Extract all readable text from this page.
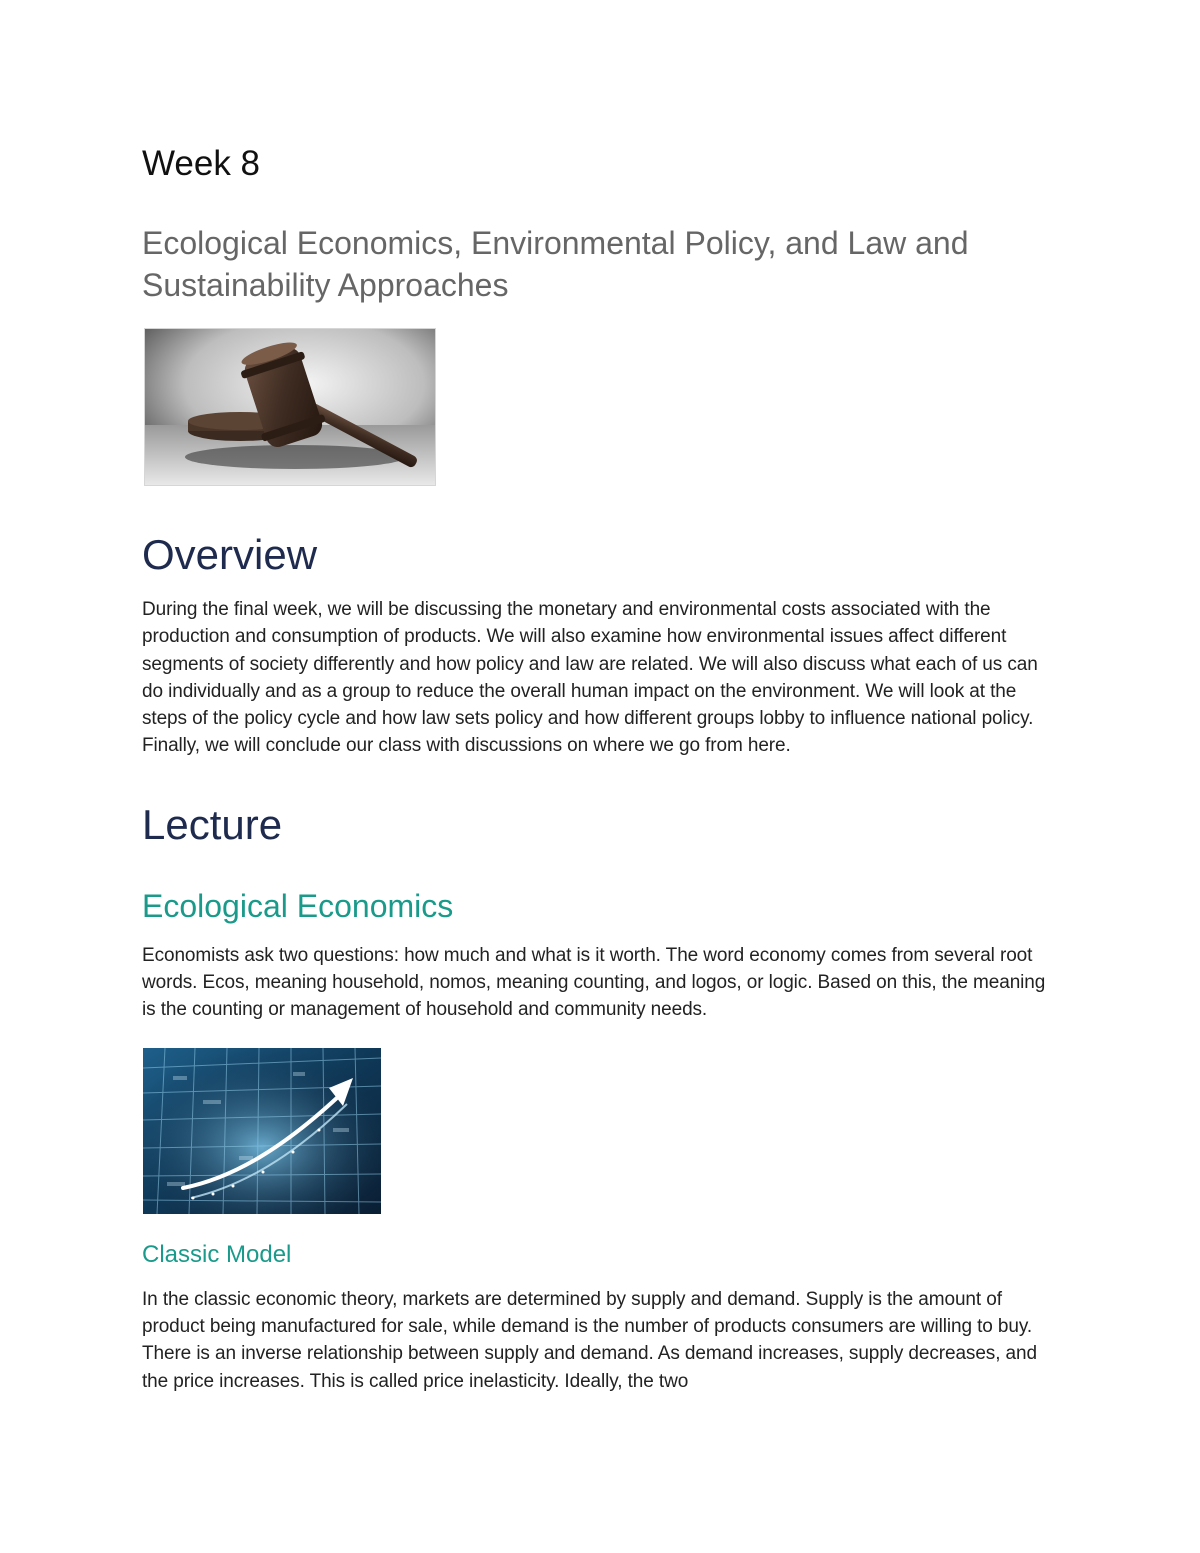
Week 8
Ecological Economics, Environmental Policy, and Law and Sustainability Approaches
Overview
During the final week, we will be discussing the monetary and environmental costs associated with the production and consumption of products. We will also examine how environmental issues affect different segments of society differently and how policy and law are related. We will also discuss what each of us can do individually and as a group to reduce the overall human impact on the environment. We will look at the steps of the policy cycle and how law sets policy and how different groups lobby to influence national policy. Finally, we will conclude our class with discussions on where we go from here.
Lecture
Ecological Economics
Economists ask two questions: how much and what is it worth. The word economy comes from several root words. Ecos, meaning household, nomos, meaning counting, and logos, or logic. Based on this, the meaning is the counting or management of household and community needs.
Classic Model
In the classic economic theory, markets are determined by supply and demand. Supply is the amount of product being manufactured for sale, while demand is the number of products consumers are willing to buy. There is an inverse relationship between supply and demand. As demand increases, supply decreases, and the price increases. This is called price inelasticity. Ideally, the two
